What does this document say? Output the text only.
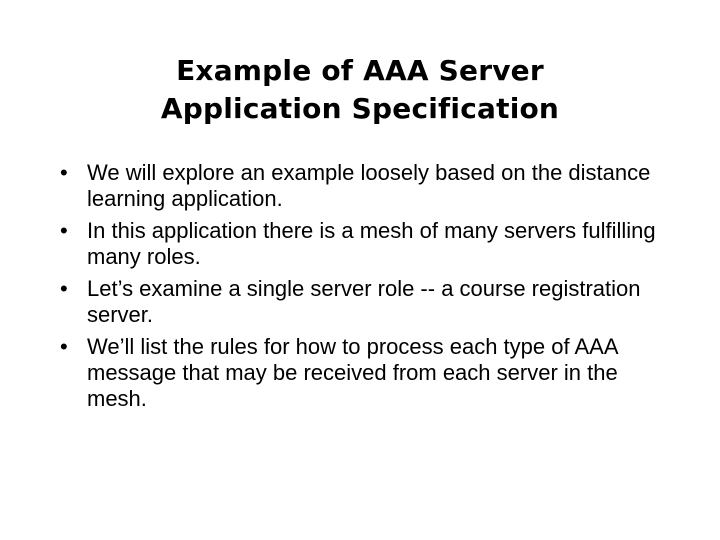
Example of AAA Server
Application Specification
• We will explore an example loosely based on the distance learning application.
• In this application there is a mesh of many servers fulfilling many roles.
• Let’s examine a single server role -- a course registration server.
• We’ll list the rules for how to process each type of AAA message that may be received from each server in the mesh.
